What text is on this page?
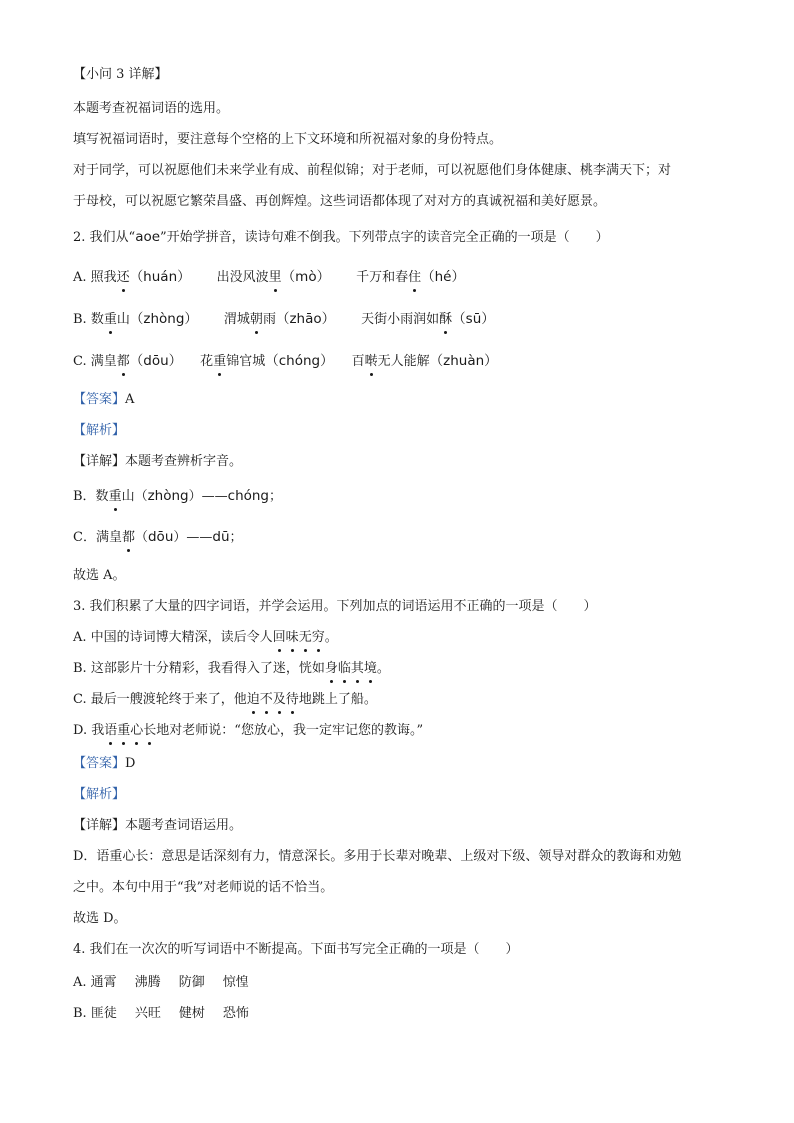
【小问 3 详解】
本题考查祝福词语的选用。
填写祝福词语时，要注意每个空格的上下文环境和所祝福对象的身份特点。
对于同学，可以祝愿他们未来学业有成、前程似锦；对于老师，可以祝愿他们身体健康、桃李满天下；对
于母校，可以祝愿它繁荣昌盛、再创辉煌。这些词语都体现了对对方的真诚祝福和美好愿景。
2. 我们从“aoe”开始学拼音，读诗句难不倒我。下列带点字的读音完全正确的一项是（　　）
A. 照我还（huán） 出没风波里（mò） 千万和春住（hé）
B. 数重山（zhòng） 渭城朝雨（zhāo） 天街小雨润如酥（sū）
C. 满皇都（dōu） 花重锦官城（chóng） 百啭无人能解（zhuàn）
【答案】A
【解析】
【详解】本题考查辨析字音。
B．数重山（zhòng）——chóng；
C．满皇都（dōu）——dū；
故选 A。
3. 我们积累了大量的四字词语，并学会运用。下列加点的词语运用不正确的一项是（　　）
A. 中国的诗词博大精深，读后令人回味无穷。
B. 这部影片十分精彩，我看得入了迷，恍如身临其境。
C. 最后一艘渡轮终于来了，他迫不及待地跳上了船。
D. 我语重心长地对老师说：“您放心，我一定牢记您的教诲。”
【答案】D
【解析】
【详解】本题考查词语运用。
D．语重心长：意思是话深刻有力，情意深长。多用于长辈对晚辈、上级对下级、领导对群众的教诲和劝勉
之中。本句中用于“我”对老师说的话不恰当。
故选 D。
4. 我们在一次次的听写词语中不断提高。下面书写完全正确的一项是（　　）
A. 通霄 沸腾 防御 惊惶
B. 匪徒 兴旺 健树 恐怖
